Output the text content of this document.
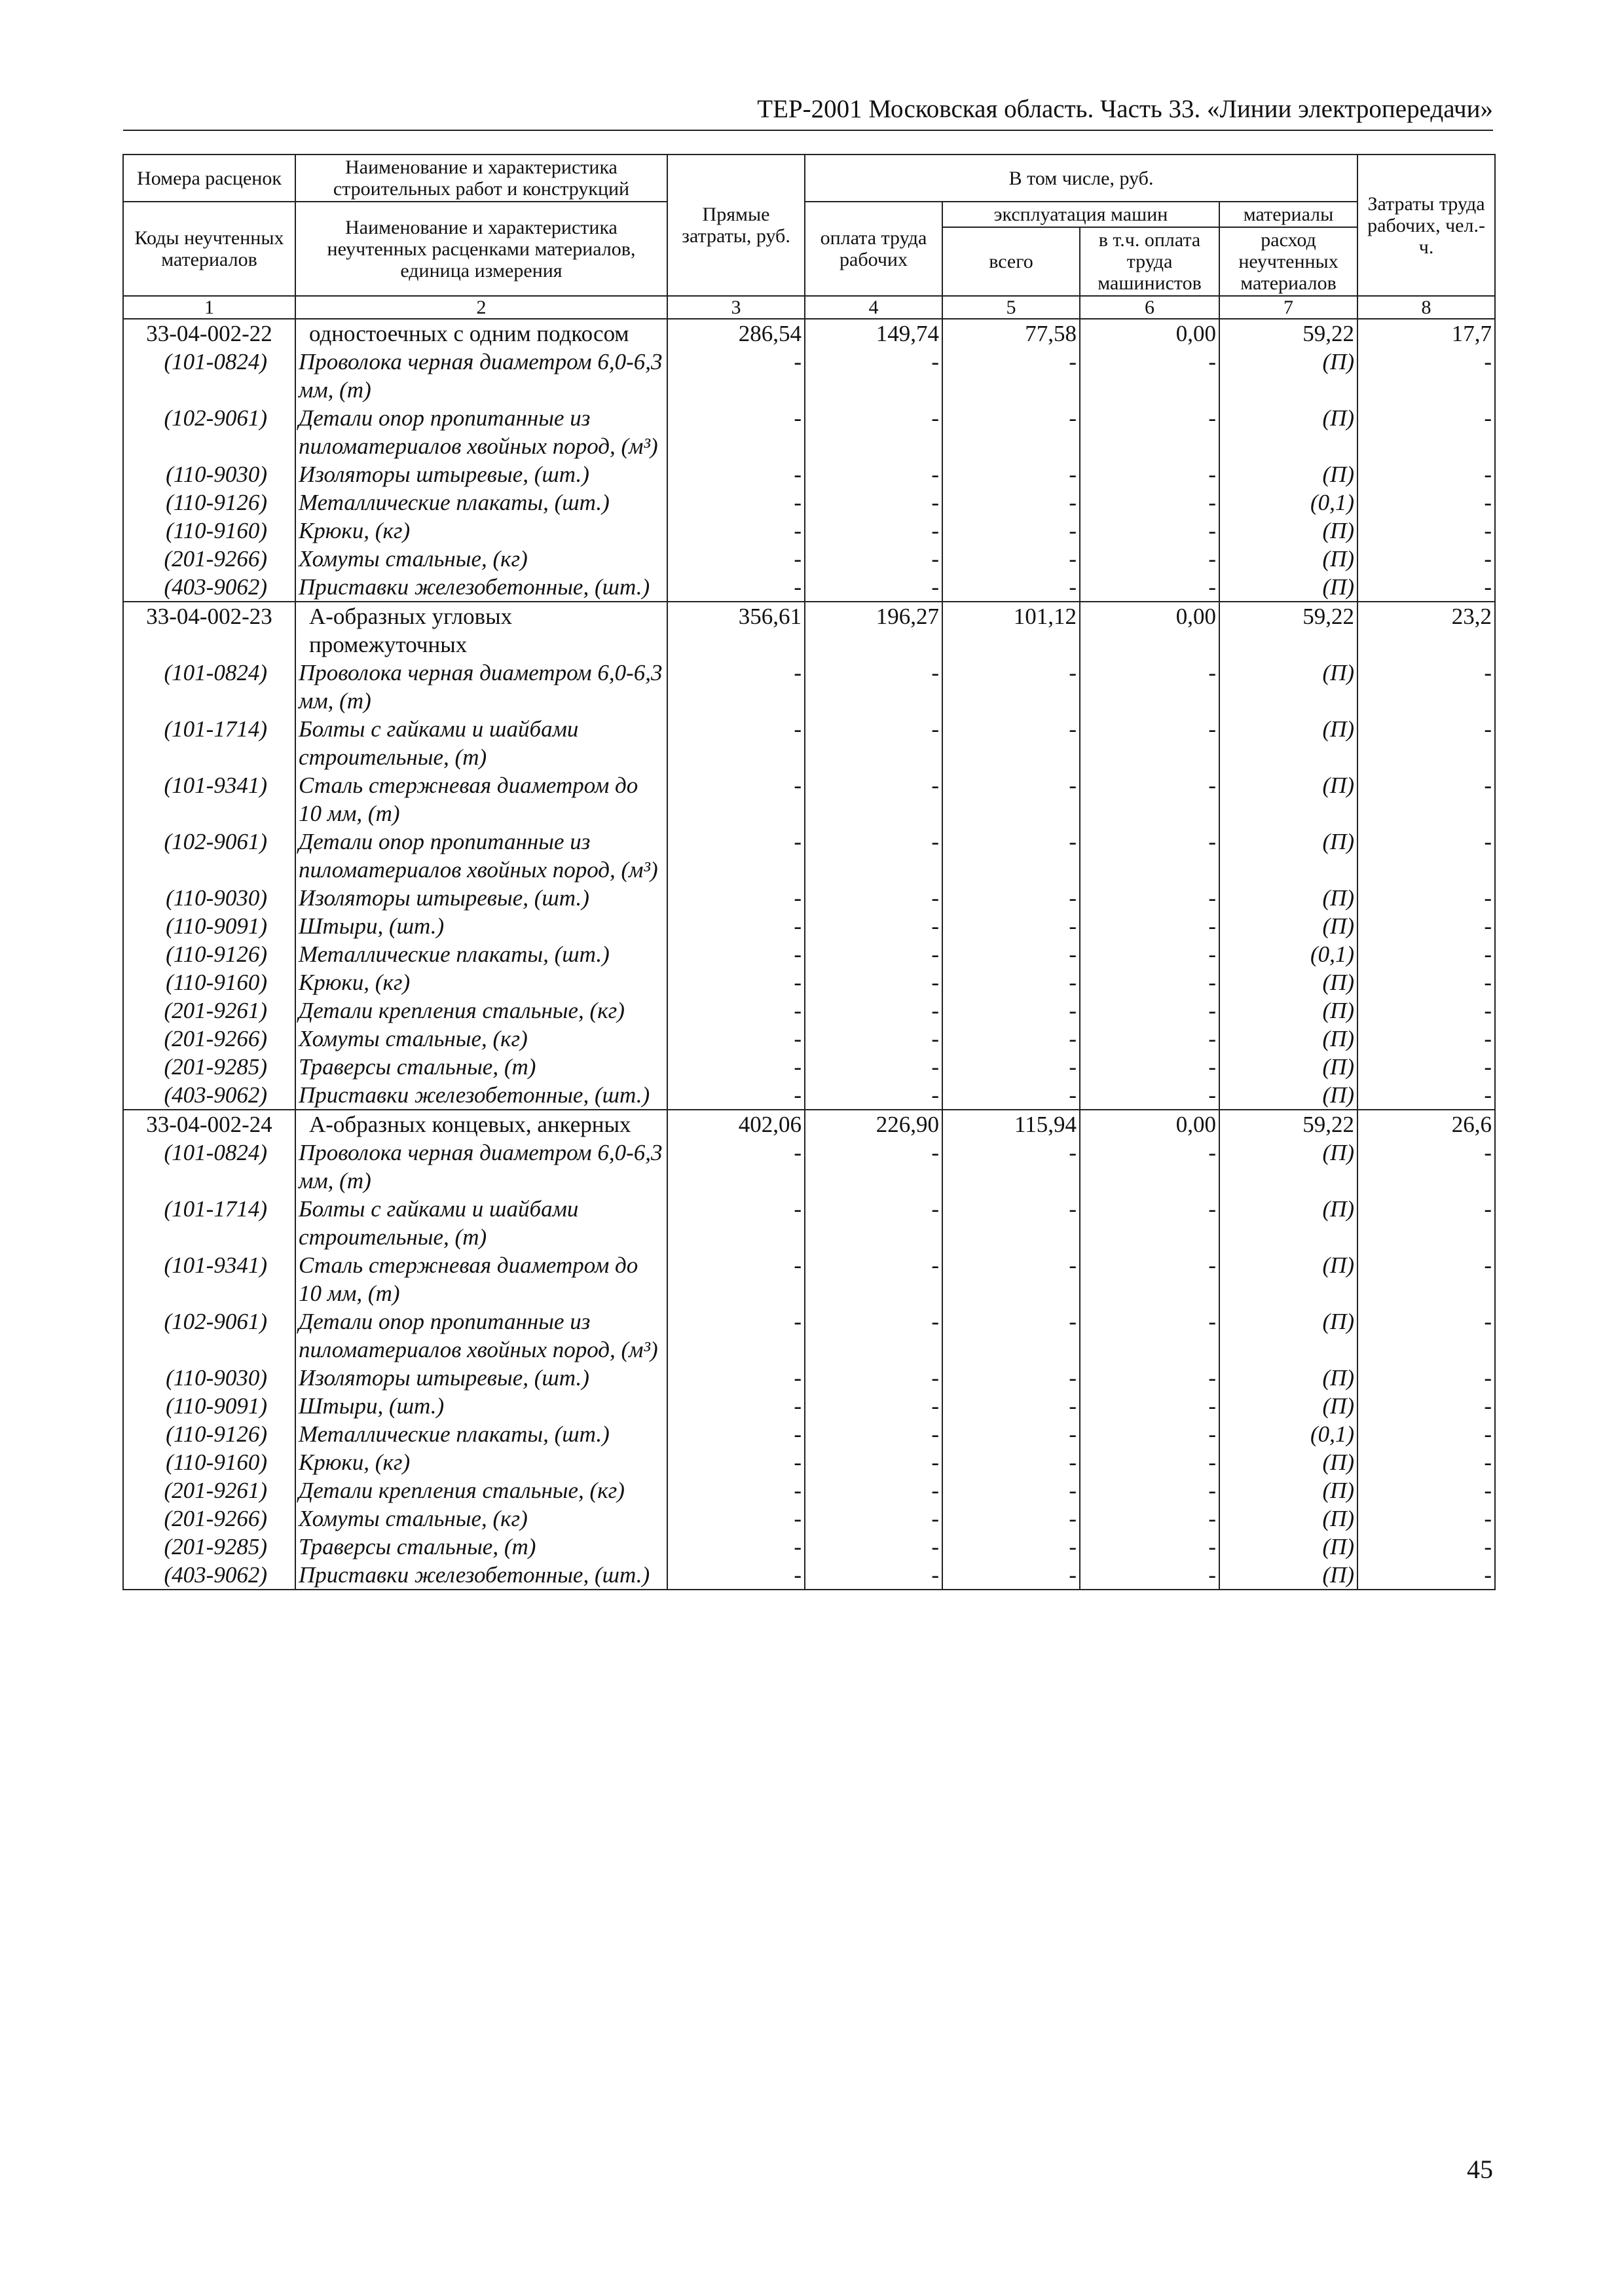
ТЕР-2001 Московская область. Часть 33. «Линии электропередачи»
Номера расценок	Наименование и характеристика строительных работ и конструкций	Прямые затраты, руб.	В том числе, руб.				Затраты труда рабочих, чел.-ч.
Коды неучтенных материалов	Наименование и характеристика неучтенных расценками материалов, единица измерения		оплата труда рабочих	эксплуатация машин		материалы	
				всего	в т.ч. оплата труда машинистов	расход неучтенных материалов	
1	2	3	4	5	6	7	8
33-04-002-22	одностоечных с одним подкосом	286,54	149,74	77,58	0,00	59,22	17,7
(101-0824)	Проволока черная диаметром 6,0-6,3 мм, (т)	-	-	-	-	(П)	-
(102-9061)	Детали опор пропитанные из пиломатериалов хвойных пород, (м³)	-	-	-	-	(П)	-
(110-9030)	Изоляторы штыревые, (шт.)	-	-	-	-	(П)	-
(110-9126)	Металлические плакаты, (шт.)	-	-	-	-	(0,1)	-
(110-9160)	Крюки, (кг)	-	-	-	-	(П)	-
(201-9266)	Хомуты стальные, (кг)	-	-	-	-	(П)	-
(403-9062)	Приставки железобетонные, (шт.)	-	-	-	-	(П)	-
33-04-002-23	А-образных угловых промежуточных	356,61	196,27	101,12	0,00	59,22	23,2
(101-0824)	Проволока черная диаметром 6,0-6,3 мм, (т)	-	-	-	-	(П)	-
(101-1714)	Болты с гайками и шайбами строительные, (т)	-	-	-	-	(П)	-
(101-9341)	Сталь стержневая диаметром до 10 мм, (т)	-	-	-	-	(П)	-
(102-9061)	Детали опор пропитанные из пиломатериалов хвойных пород, (м³)	-	-	-	-	(П)	-
(110-9030)	Изоляторы штыревые, (шт.)	-	-	-	-	(П)	-
(110-9091)	Штыри, (шт.)	-	-	-	-	(П)	-
(110-9126)	Металлические плакаты, (шт.)	-	-	-	-	(0,1)	-
(110-9160)	Крюки, (кг)	-	-	-	-	(П)	-
(201-9261)	Детали крепления стальные, (кг)	-	-	-	-	(П)	-
(201-9266)	Хомуты стальные, (кг)	-	-	-	-	(П)	-
(201-9285)	Траверсы стальные, (т)	-	-	-	-	(П)	-
(403-9062)	Приставки железобетонные, (шт.)	-	-	-	-	(П)	-
33-04-002-24	А-образных концевых, анкерных	402,06	226,90	115,94	0,00	59,22	26,6
(101-0824)	Проволока черная диаметром 6,0-6,3 мм, (т)	-	-	-	-	(П)	-
(101-1714)	Болты с гайками и шайбами строительные, (т)	-	-	-	-	(П)	-
(101-9341)	Сталь стержневая диаметром до 10 мм, (т)	-	-	-	-	(П)	-
(102-9061)	Детали опор пропитанные из пиломатериалов хвойных пород, (м³)	-	-	-	-	(П)	-
(110-9030)	Изоляторы штыревые, (шт.)	-	-	-	-	(П)	-
(110-9091)	Штыри, (шт.)	-	-	-	-	(П)	-
(110-9126)	Металлические плакаты, (шт.)	-	-	-	-	(0,1)	-
(110-9160)	Крюки, (кг)	-	-	-	-	(П)	-
(201-9261)	Детали крепления стальные, (кг)	-	-	-	-	(П)	-
(201-9266)	Хомуты стальные, (кг)	-	-	-	-	(П)	-
(201-9285)	Траверсы стальные, (т)	-	-	-	-	(П)	-
(403-9062)	Приставки железобетонные, (шт.)	-	-	-	-	(П)	-
45
